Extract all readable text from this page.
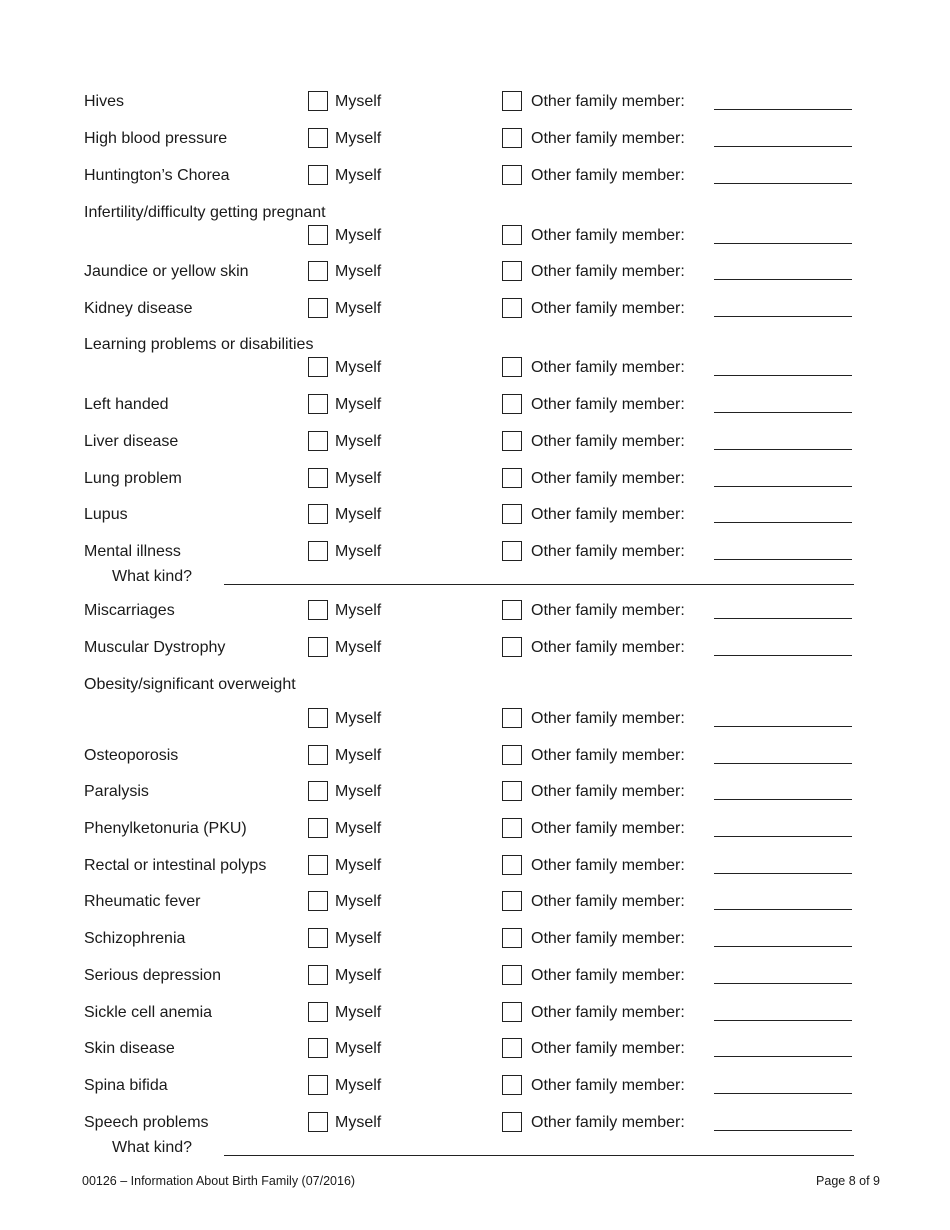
Hives	Myself	Other family member:
High blood pressure	Myself	Other family member:
Huntington’s Chorea	Myself	Other family member:
Infertility/difficulty getting pregnant
Myself	Other family member:
Jaundice or yellow skin	Myself	Other family member:
Kidney disease	Myself	Other family member:
Learning problems or disabilities
Myself	Other family member:
Left handed	Myself	Other family member:
Liver disease	Myself	Other family member:
Lung problem	Myself	Other family member:
Lupus	Myself	Other family member:
Mental illness	Myself	Other family member:
What kind?
Miscarriages	Myself	Other family member:
Muscular Dystrophy	Myself	Other family member:
Obesity/significant overweight
Myself	Other family member:
Osteoporosis	Myself	Other family member:
Paralysis	Myself	Other family member:
Phenylketonuria (PKU)	Myself	Other family member:
Rectal or intestinal polyps	Myself	Other family member:
Rheumatic fever	Myself	Other family member:
Schizophrenia	Myself	Other family member:
Serious depression	Myself	Other family member:
Sickle cell anemia	Myself	Other family member:
Skin disease	Myself	Other family member:
Spina bifida	Myself	Other family member:
Speech problems	Myself	Other family member:
What kind?
00126 – Information About Birth Family (07/2016)	Page 8 of 9
